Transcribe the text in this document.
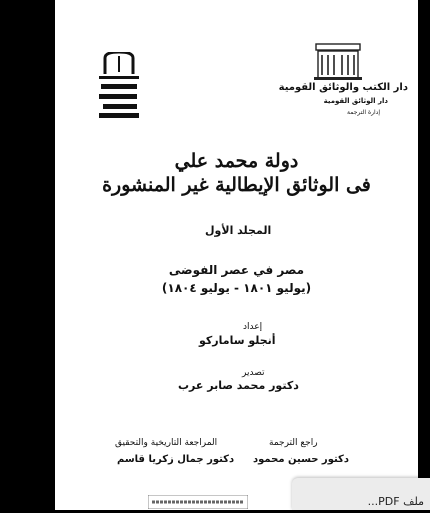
دار الكتب والوثائق القومية
دار الوثائق القومية
إدارة الترجمة
دولة محمد علي
فى الوثائق الإيطالية غير المنشورة
المجلد الأول
مصر في عصر الفوضى
(يوليو ١٨٠١ - يوليو ١٨٠٤)
إعداد
أنجلو ساماركو
تصدير
دكتور محمد صابر عرب
راجع الترجمة
دكتور حسين محمود
المراجعة التاريخية والتحقيق
دكتور جمال زكريا قاسم
ملف PDF...
